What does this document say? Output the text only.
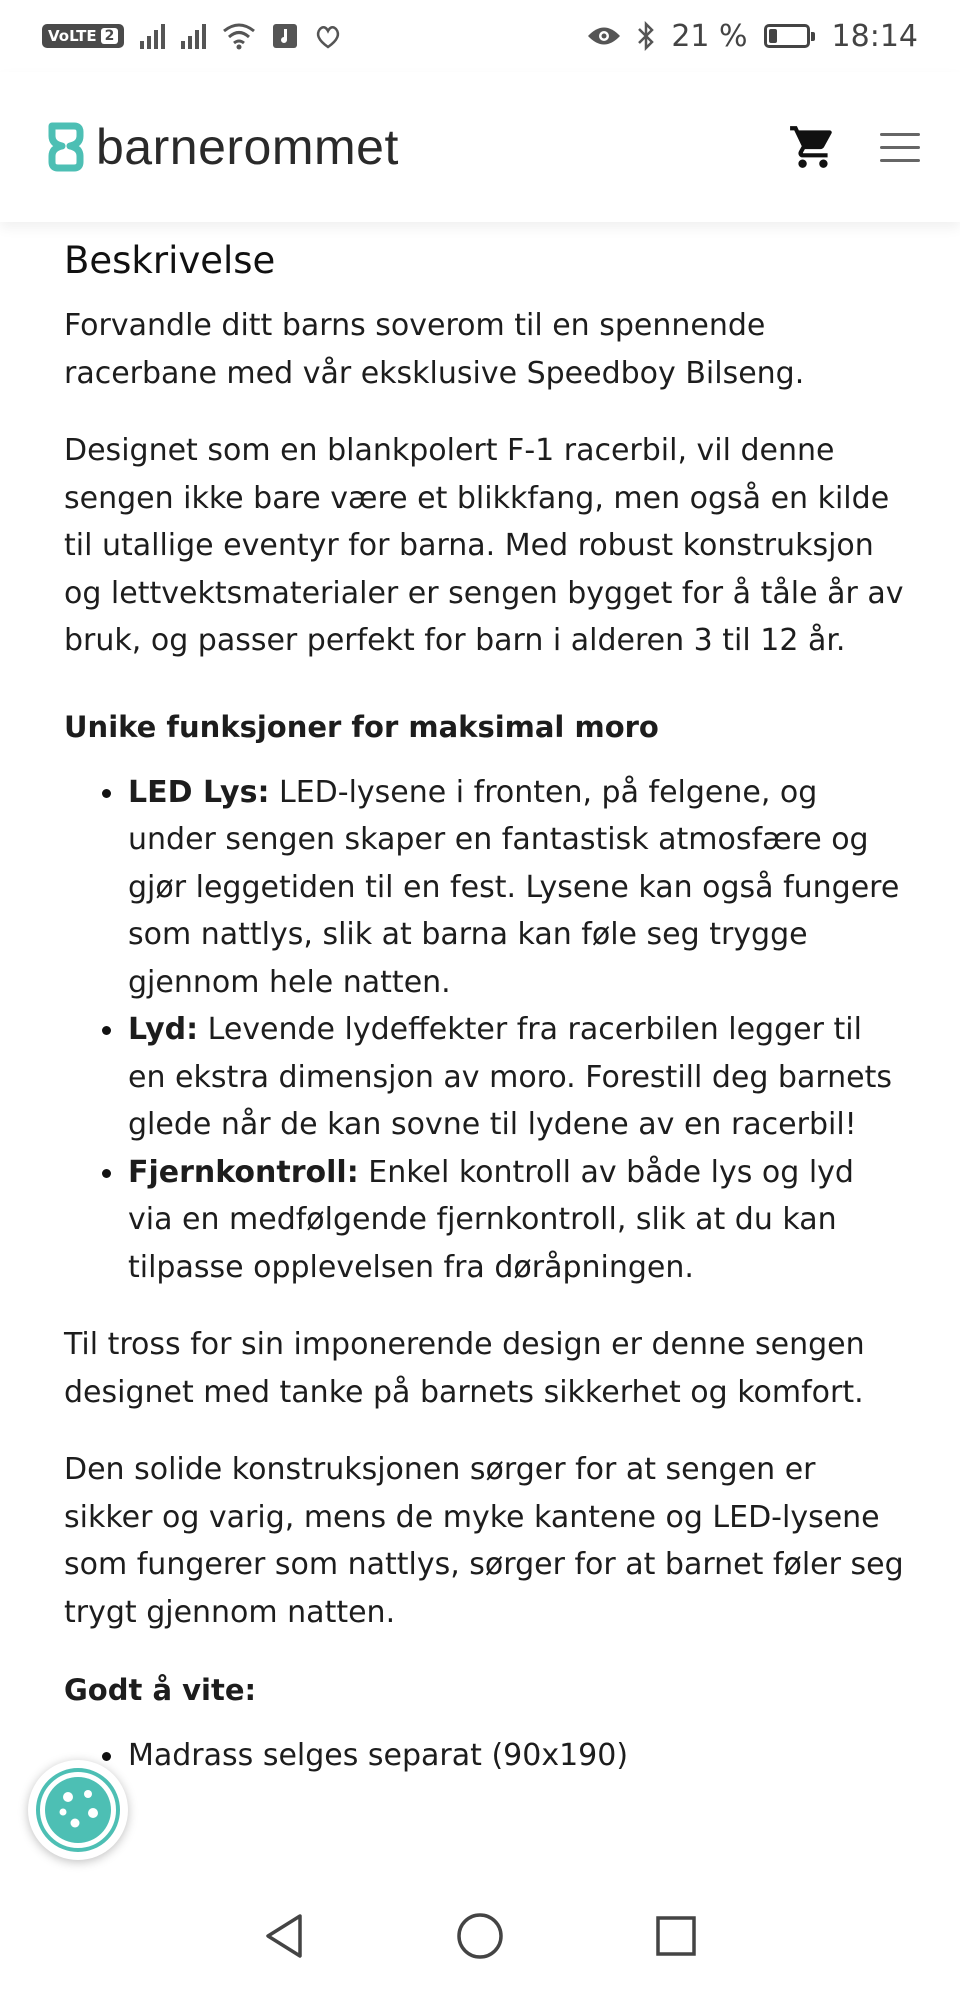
VoLTE 2	21 %	18:14
barnerommet
Beskrivelse

Forvandle ditt barns soverom til en spennende racerbane med vår eksklusive Speedboy Bilseng.

Designet som en blankpolert F-1 racerbil, vil denne sengen ikke bare være et blikkfang, men også en kilde til utallige eventyr for barna. Med robust konstruksjon og lettvektsmaterialer er sengen bygget for å tåle år av bruk, og passer perfekt for barn i alderen 3 til 12 år.

Unike funksjoner for maksimal moro
LED Lys: LED-lysene i fronten, på felgene, og under sengen skaper en fantastisk atmosfære og gjør leggetiden til en fest. Lysene kan også fungere som nattlys, slik at barna kan føle seg trygge gjennom hele natten.
Lyd: Levende lydeffekter fra racerbilen legger til en ekstra dimensjon av moro. Forestill deg barnets glede når de kan sovne til lydene av en racerbil!
Fjernkontroll: Enkel kontroll av både lys og lyd via en medfølgende fjernkontroll, slik at du kan tilpasse opplevelsen fra døråpningen.

Til tross for sin imponerende design er denne sengen designet med tanke på barnets sikkerhet og komfort.

Den solide konstruksjonen sørger for at sengen er sikker og varig, mens de myke kantene og LED-lysene som fungerer som nattlys, sørger for at barnet føler seg trygt gjennom natten.

Godt å vite:
Madrass selges separat (90x190)
